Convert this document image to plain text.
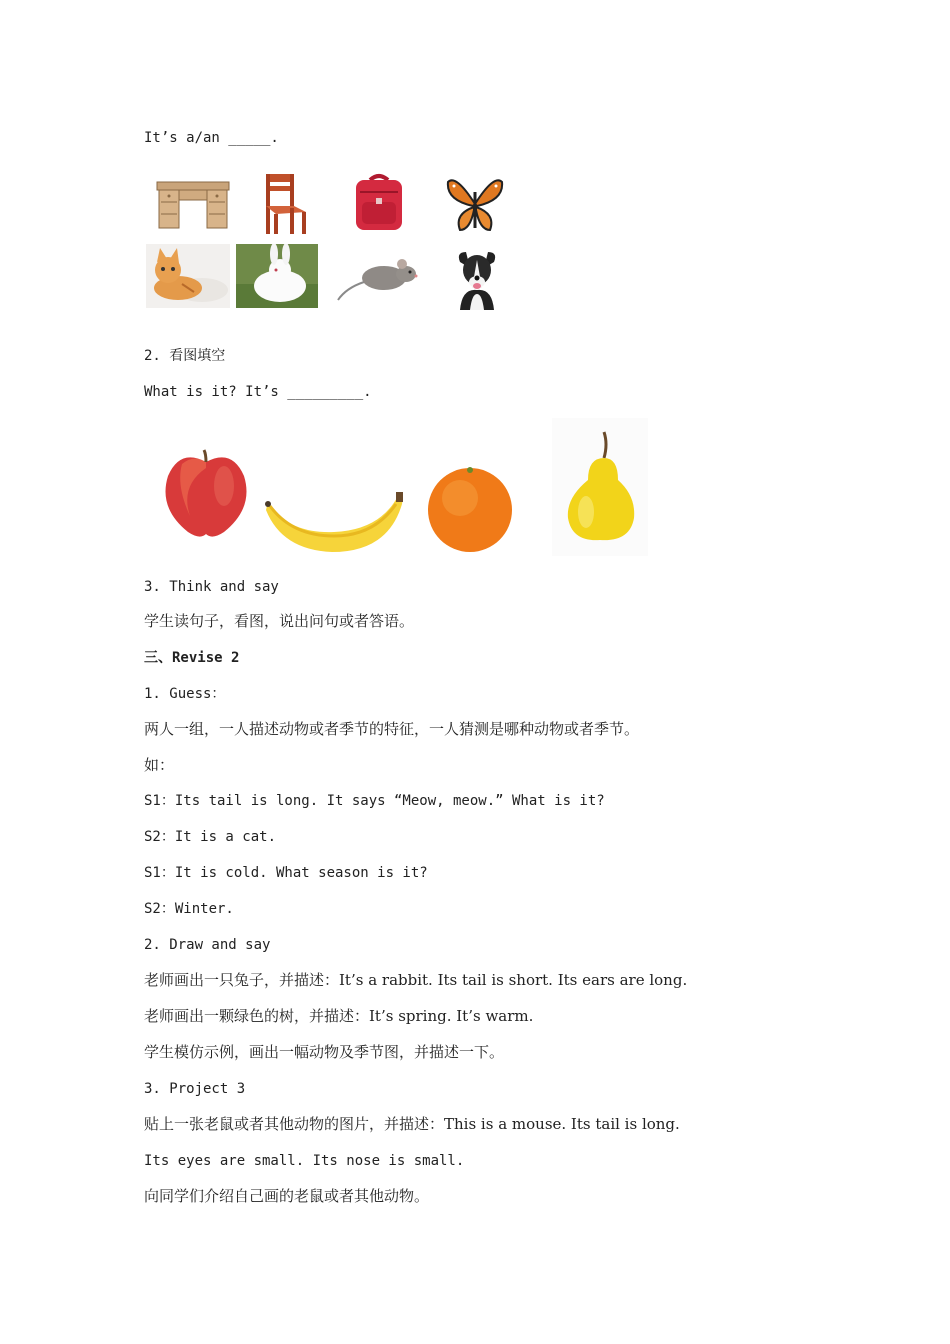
It’s a/an _____.
2. 看图填空
What is it? It’s _________.
3. Think and say
学生读句子，看图，说出问句或者答语。
三、Revise 2
1. Guess：
两人一组，一人描述动物或者季节的特征，一人猜测是哪种动物或者季节。
如：
S1：Its tail is long. It says “Meow, meow.” What is it?
S2：It is a cat.
S1：It is cold. What season is it?
S2：Winter.
2. Draw and say
老师画出一只兔子，并描述：It’s a rabbit. Its tail is short. Its ears are long.
老师画出一颗绿色的树，并描述：It’s spring. It’s warm.
学生模仿示例，画出一幅动物及季节图，并描述一下。
3. Project 3
贴上一张老鼠或者其他动物的图片，并描述：This is a mouse. Its tail is long.
Its eyes are small. Its nose is small.
向同学们介绍自己画的老鼠或者其他动物。
